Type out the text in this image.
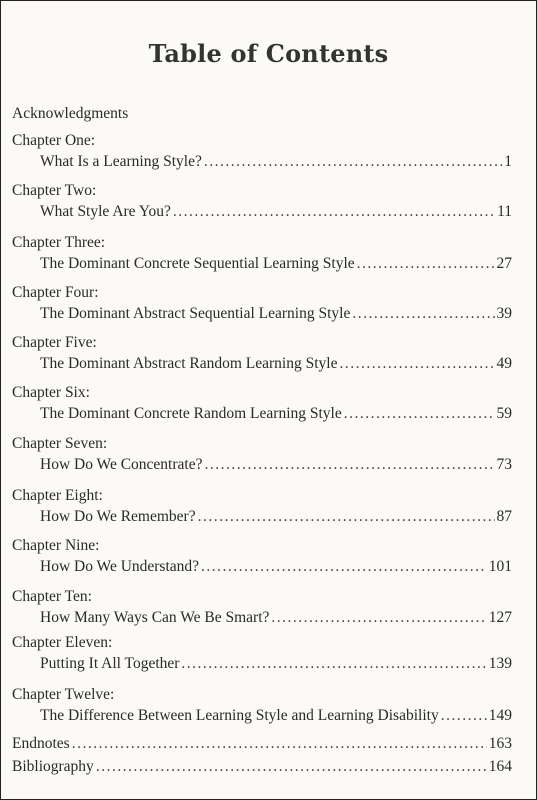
Table of Contents
Acknowledgments
Chapter One:
What Is a Learning Style? .....	1
Chapter Two:
What Style Are You? .....	11
Chapter Three:
The Dominant Concrete Sequential Learning Style .....	27
Chapter Four:
The Dominant Abstract Sequential Learning Style .....	39
Chapter Five:
The Dominant Abstract Random Learning Style .....	49
Chapter Six:
The Dominant Concrete Random Learning Style .....	59
Chapter Seven:
How Do We Concentrate? .....	73
Chapter Eight:
How Do We Remember? .....	87
Chapter Nine:
How Do We Understand? .....	101
Chapter Ten:
How Many Ways Can We Be Smart? .....	127
Chapter Eleven:
Putting It All Together .....	139
Chapter Twelve:
The Difference Between Learning Style and Learning Disability .....	149
Endnotes .....	163
Bibliography .....	164
